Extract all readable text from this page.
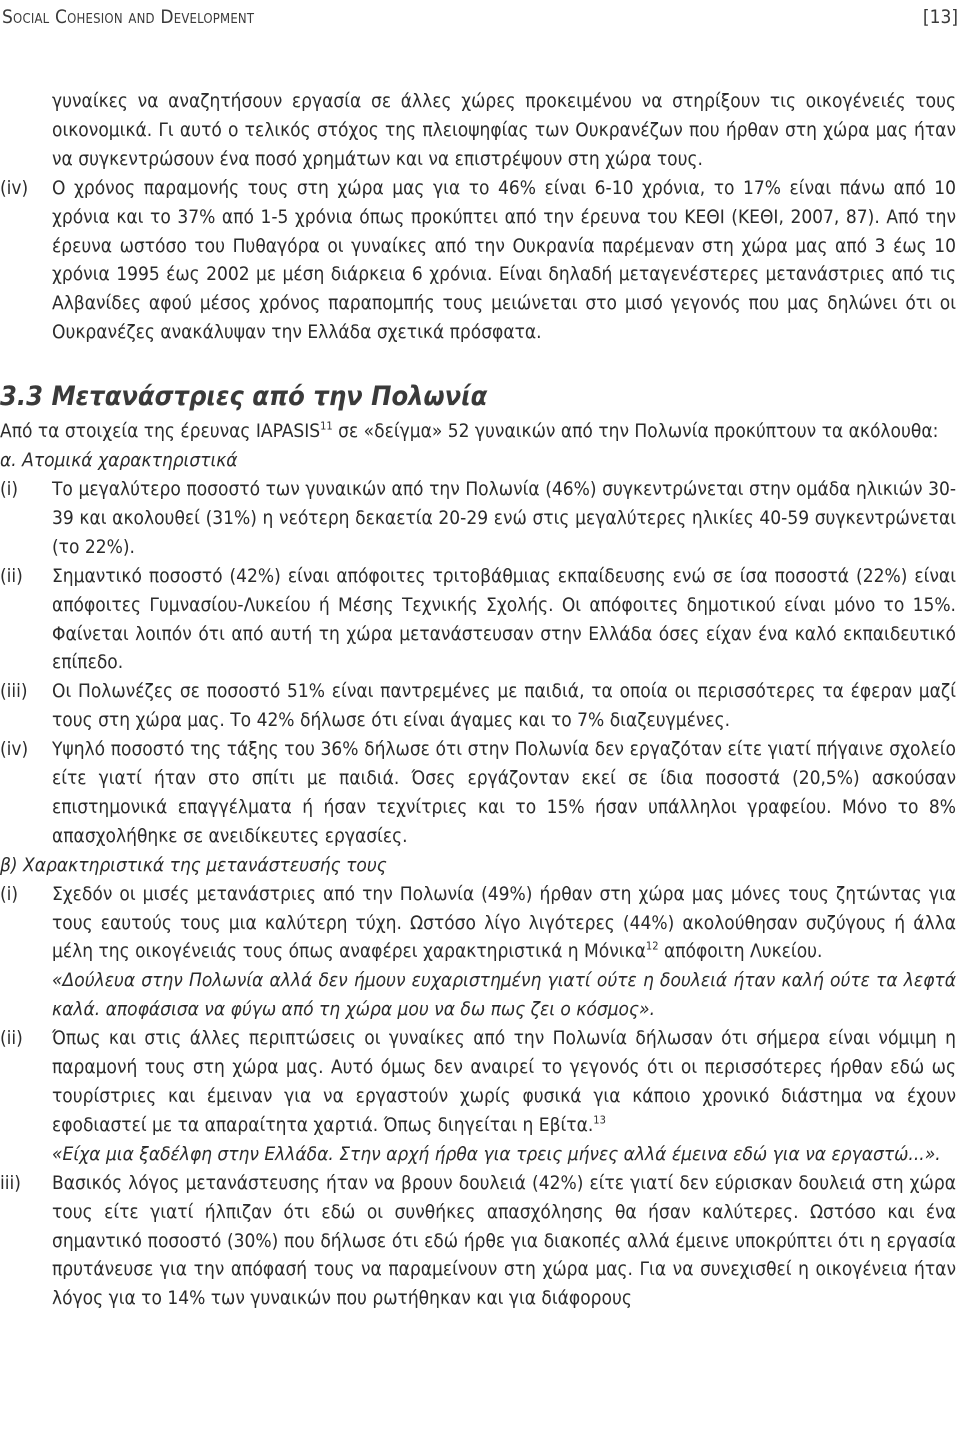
Social Cohesion and Development	[13]

γυναίκες να αναζητήσουν εργασία σε άλλες χώρες προκειμένου να στηρίξουν τις οικογένειές τους οικονομικά. Γι αυτό ο τελικός στόχος της πλειοψηφίας των Ουκρανέζων που ήρθαν στη χώρα μας ήταν να συγκεντρώσουν ένα ποσό χρημάτων και να επιστρέψουν στη χώρα τους.

(iv)	Ο χρόνος παραμονής τους στη χώρα μας για το 46% είναι 6-10 χρόνια, το 17% είναι πάνω από 10 χρόνια και το 37% από 1-5 χρόνια όπως προκύπτει από την έρευνα του ΚΕΘΙ (ΚΕΘΙ, 2007, 87). Από την έρευνα ωστόσο του Πυθαγόρα οι γυναίκες από την Ουκρανία παρέμεναν στη χώρα μας από 3 έως 10 χρόνια 1995 έως 2002 με μέση διάρκεια 6 χρόνια. Είναι δηλαδή μεταγενέστερες μετανάστριες από τις Αλβανίδες αφού μέσος χρόνος παραπομπής τους μειώνεται στο μισό γεγονός που μας δηλώνει ότι οι Ουκρανέζες ανακάλυψαν την Ελλάδα σχετικά πρόσφατα.

3.3 Μετανάστριες από την Πολωνία

Από τα στοιχεία της έρευνας IAPASIS$^{11}$ σε «δείγμα» 52 γυναικών από την Πολωνία προκύπτουν τα ακόλουθα:

α. Ατομικά χαρακτηριστικά

(i)	Το μεγαλύτερο ποσοστό των γυναικών από την Πολωνία (46%) συγκεντρώνεται στην ομάδα ηλικιών 30-39 και ακολουθεί (31%) η νεότερη δεκαετία 20-29 ενώ στις μεγαλύτερες ηλικίες 40-59 συγκεντρώνεται (το 22%).

(ii)	Σημαντικό ποσοστό (42%) είναι απόφοιτες τριτοβάθμιας εκπαίδευσης ενώ σε ίσα ποσοστά (22%) είναι απόφοιτες Γυμνασίου-Λυκείου ή Μέσης Τεχνικής Σχολής. Οι απόφοιτες δημοτικού είναι μόνο το 15%. Φαίνεται λοιπόν ότι από αυτή τη χώρα μετανάστευσαν στην Ελλάδα όσες είχαν ένα καλό εκπαιδευτικό επίπεδο.

(iii)	Οι Πολωνέζες σε ποσοστό 51% είναι παντρεμένες με παιδιά, τα οποία οι περισσότερες τα έφεραν μαζί τους στη χώρα μας. Το 42% δήλωσε ότι είναι άγαμες και το 7% διαζευγμένες.

(iv)	Υψηλό ποσοστό της τάξης του 36% δήλωσε ότι στην Πολωνία δεν εργαζόταν είτε γιατί πήγαινε σχολείο είτε γιατί ήταν στο σπίτι με παιδιά. Όσες εργάζονταν εκεί σε ίδια ποσοστά (20,5%) ασκούσαν επιστημονικά επαγγέλματα ή ήσαν τεχνίτριες και το 15% ήσαν υπάλληλοι γραφείου. Μόνο το 8% απασχολήθηκε σε ανειδίκευτες εργασίες.

β) Χαρακτηριστικά της μετανάστευσής τους

(i)	Σχεδόν οι μισές μετανάστριες από την Πολωνία (49%) ήρθαν στη χώρα μας μόνες τους ζητώντας για τους εαυτούς τους μια καλύτερη τύχη. Ωστόσο λίγο λιγότερες (44%) ακολούθησαν συζύγους ή άλλα μέλη της οικογένειάς τους όπως αναφέρει χαρακτηριστικά η Μόνικα$^{12}$ απόφοιτη Λυκείου.

«Δούλευα στην Πολωνία αλλά δεν ήμουν ευχαριστημένη γιατί ούτε η δουλειά ήταν καλή ούτε τα λεφτά καλά. αποφάσισα να φύγω από τη χώρα μου να δω πως ζει ο κόσμος».

(ii)	Όπως και στις άλλες περιπτώσεις οι γυναίκες από την Πολωνία δήλωσαν ότι σήμερα είναι νόμιμη η παραμονή τους στη χώρα μας. Αυτό όμως δεν αναιρεί το γεγονός ότι οι περισσότερες ήρθαν εδώ ως τουρίστριες και έμειναν για να εργαστούν χωρίς φυσικά για κάποιο χρονικό διάστημα να έχουν εφοδιαστεί με τα απαραίτητα χαρτιά. Όπως διηγείται η Εβίτα.$^{13}$

«Είχα μια ξαδέλφη στην Ελλάδα. Στην αρχή ήρθα για τρεις μήνες αλλά έμεινα εδώ για να εργαστώ...».

iii)	Βασικός λόγος μετανάστευσης ήταν να βρουν δουλειά (42%) είτε γιατί δεν εύρισκαν δουλειά στη χώρα τους είτε γιατί ήλπιζαν ότι εδώ οι συνθήκες απασχόλησης θα ήσαν καλύτερες. Ωστόσο και ένα σημαντικό ποσοστό (30%) που δήλωσε ότι εδώ ήρθε για διακοπές αλλά έμεινε υποκρύπτει ότι η εργασία πρυτάνευσε για την απόφασή τους να παραμείνουν στη χώρα μας. Για να συνεχισθεί η οικογένεια ήταν λόγος για το 14% των γυναικών που ρωτήθηκαν και για διάφορους
